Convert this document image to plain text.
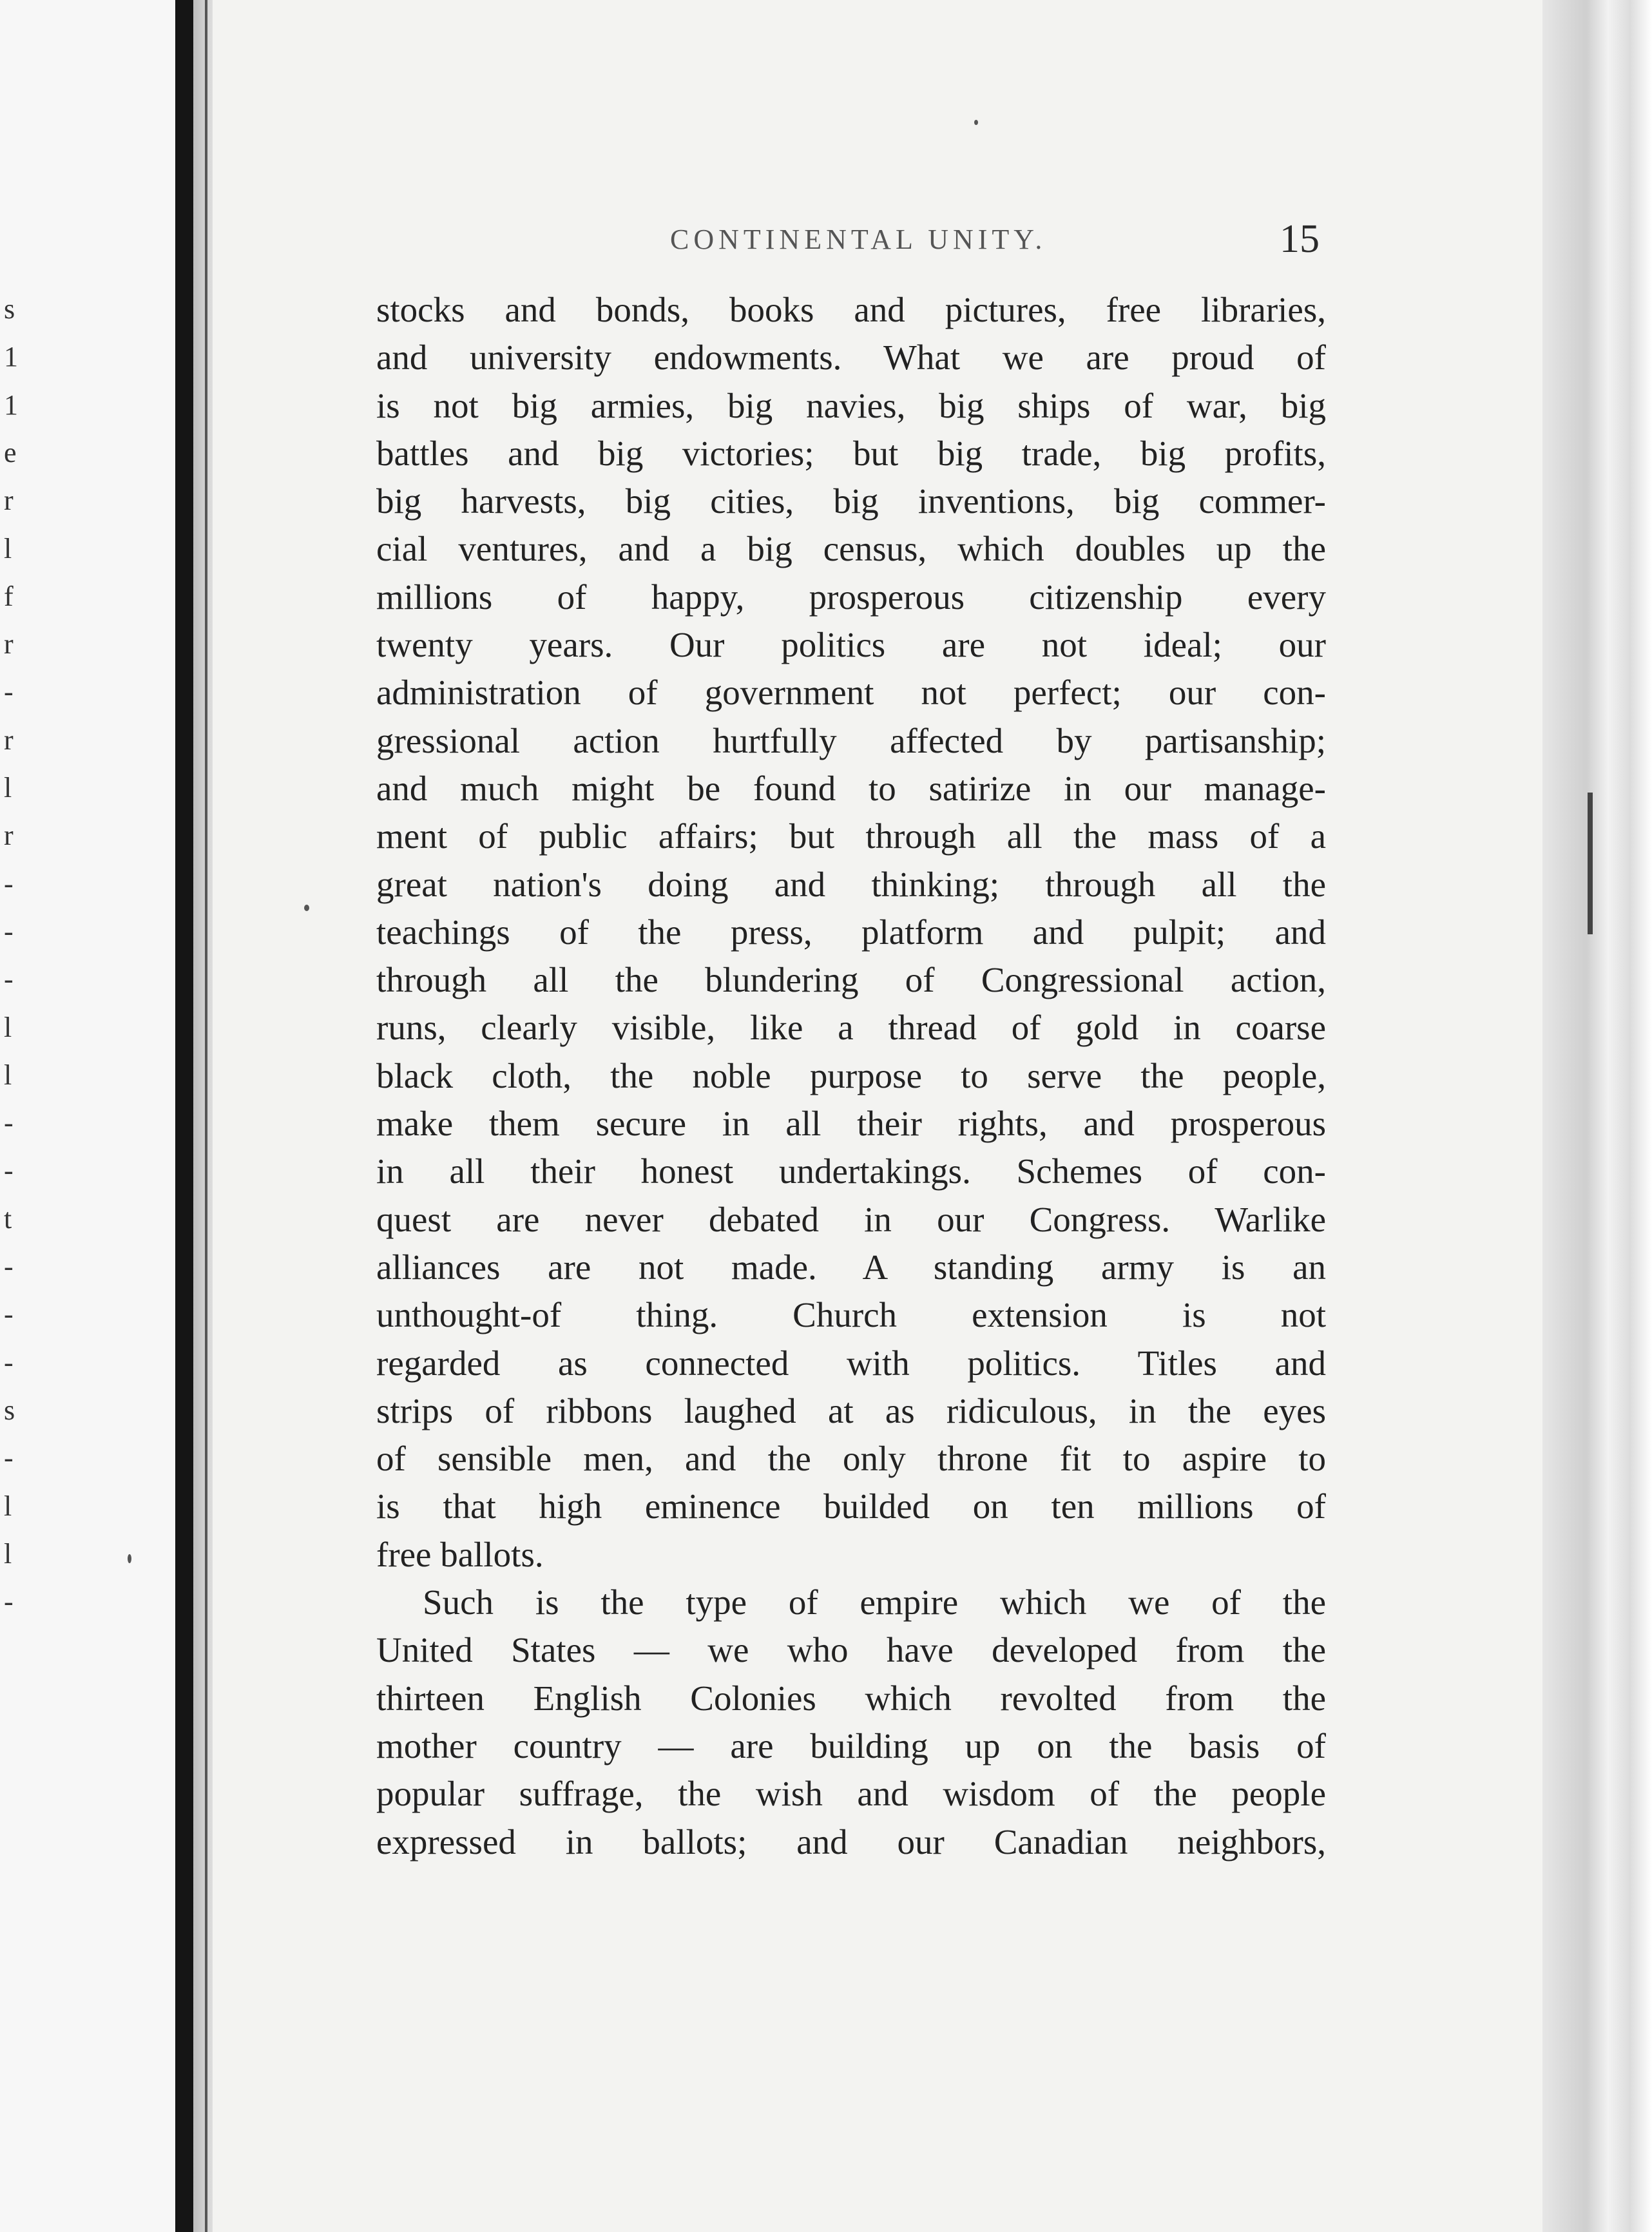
s
1
1
e
r
l
f
r
-
r
l
r
-
-
-
l
l
-
-
t
-
-
-
s
-
l
l
-
CONTINENTAL UNITY.	15
stocks and bonds, books and pictures, free libraries,
and university endowments. What we are proud of
is not big armies, big navies, big ships of war, big
battles and big victories; but big trade, big profits,
big harvests, big cities, big inventions, big commer-
cial ventures, and a big census, which doubles up the
millions of happy, prosperous citizenship every
twenty years. Our politics are not ideal; our
administration of government not perfect; our con-
gressional action hurtfully affected by partisanship;
and much might be found to satirize in our manage-
ment of public affairs; but through all the mass of a
great nation's doing and thinking; through all the
teachings of the press, platform and pulpit; and
through all the blundering of Congressional action,
runs, clearly visible, like a thread of gold in coarse
black cloth, the noble purpose to serve the people,
make them secure in all their rights, and prosperous
in all their honest undertakings. Schemes of con-
quest are never debated in our Congress. Warlike
alliances are not made. A standing army is an
unthought-of thing. Church extension is not
regarded as connected with politics. Titles and
strips of ribbons laughed at as ridiculous, in the eyes
of sensible men, and the only throne fit to aspire to
is that high eminence builded on ten millions of
free ballots.
Such is the type of empire which we of the
United States — we who have developed from the
thirteen English Colonies which revolted from the
mother country — are building up on the basis of
popular suffrage, the wish and wisdom of the people
expressed in ballots; and our Canadian neighbors,
